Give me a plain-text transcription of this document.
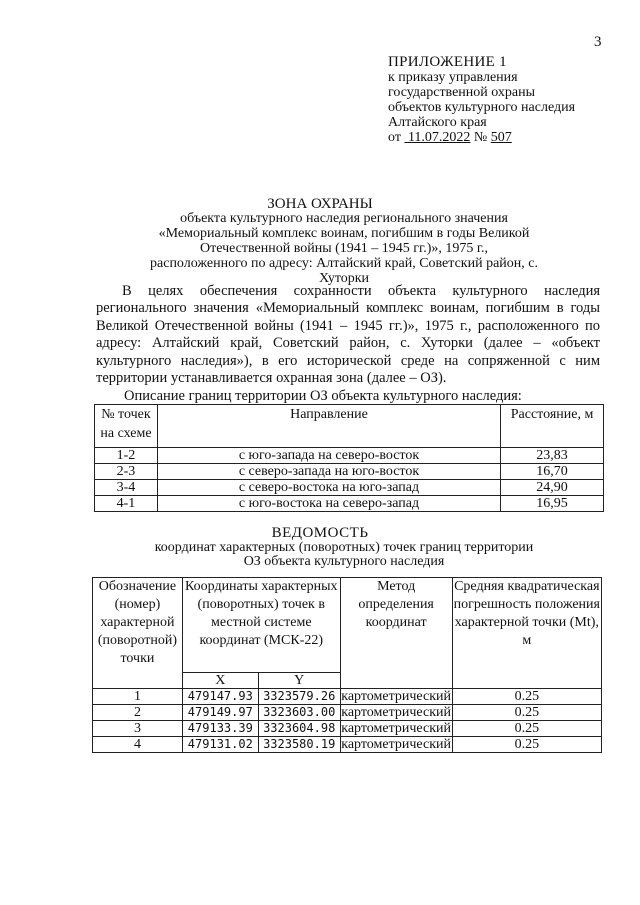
3
ПРИЛОЖЕНИЕ 1
к приказу управления
государственной охраны
объектов культурного наследия
Алтайского края
от 11.07.2022 № 507
ЗОНА ОХРАНЫ
объекта культурного наследия регионального значения «Мемориальный комплекс воинам, погибшим в годы Великой Отечественной войны (1941 – 1945 гг.)», 1975 г., расположенного по адресу: Алтайский край, Советский район, с. Хуторки
В целях обеспечения сохранности объекта культурного наследия регионального значения «Мемориальный комплекс воинам, погибшим в годы Великой Отечественной войны (1941 – 1945 гг.)», 1975 г., расположенного по адресу: Алтайский край, Советский район, с. Хуторки (далее – «объект культурного наследия»), в его исторической среде на сопряженной с ним территории устанавливается охранная зона (далее – ОЗ).
Описание границ территории ОЗ объекта культурного наследия:
№ точек на схеме	Направление	Расстояние, м
1-2	с юго-запада на северо-восток	23,83
2-3	с северо-запада на юго-восток	16,70
3-4	с северо-востока на юго-запад	24,90
4-1	с юго-востока на северо-запад	16,95
ВЕДОМОСТЬ
координат характерных (поворотных) точек границ территории ОЗ объекта культурного наследия
Обозначение (номер) характерной (поворотной) точки	Координаты характерных (поворотных) точек в местной системе координат (МСК-22)		Метод определения координат	Средняя квадратическая погрешность положения характерной точки (Mt), м
	X	Y		
1	479147.93	3323579.26	картометрический	0.25
2	479149.97	3323603.00	картометрический	0.25
3	479133.39	3323604.98	картометрический	0.25
4	479131.02	3323580.19	картометрический	0.25
